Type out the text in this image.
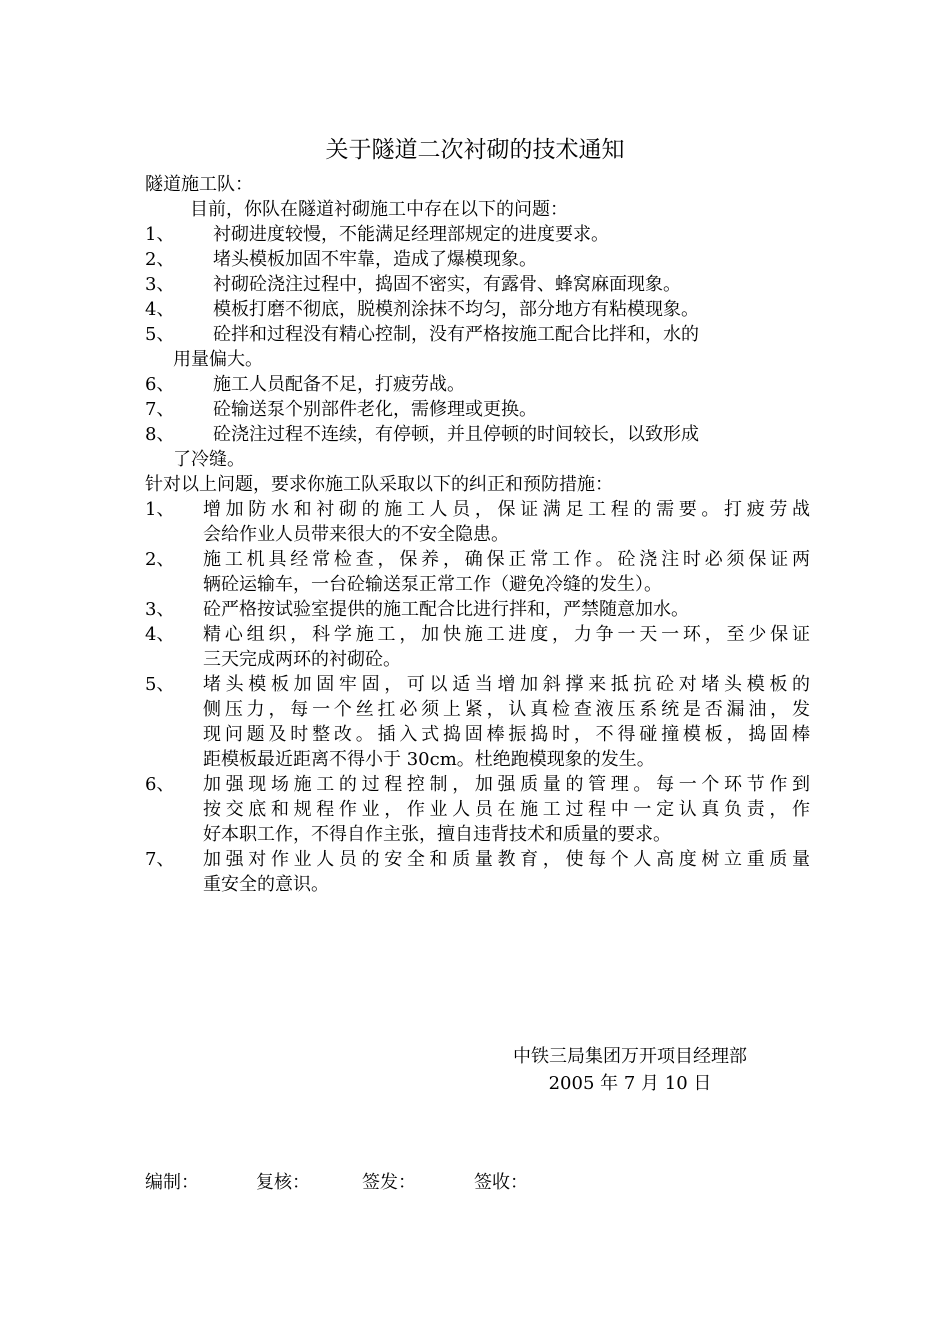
关于隧道二次衬砌的技术通知
隧道施工队：
目前，你队在隧道衬砌施工中存在以下的问题：
1、	衬砌进度较慢，不能满足经理部规定的进度要求。
2、	堵头模板加固不牢靠，造成了爆模现象。
3、	衬砌砼浇注过程中，捣固不密实，有露骨、蜂窝麻面现象。
4、	模板打磨不彻底，脱模剂涂抹不均匀，部分地方有粘模现象。
5、	砼拌和过程没有精心控制，没有严格按施工配合比拌和，水的
用量偏大。
6、	施工人员配备不足，打疲劳战。
7、	砼输送泵个别部件老化，需修理或更换。
8、	砼浇注过程不连续，有停顿，并且停顿的时间较长，以致形成
了冷缝。
针对以上问题，要求你施工队采取以下的纠正和预防措施：
1、	增加防水和衬砌的施工人员，保证满足工程的需要。打疲劳战
会给作业人员带来很大的不安全隐患。
2、	施工机具经常检查，保养，确保正常工作。砼浇注时必须保证两
辆砼运输车，一台砼输送泵正常工作（避免冷缝的发生）。
3、	砼严格按试验室提供的施工配合比进行拌和，严禁随意加水。
4、	精心组织，科学施工，加快施工进度，力争一天一环，至少保证
三天完成两环的衬砌砼。
5、	堵头模板加固牢固，可以适当增加斜撑来抵抗砼对堵头模板的
侧压力，每一个丝扛必须上紧，认真检查液压系统是否漏油，发
现问题及时整改。插入式捣固棒振捣时，不得碰撞模板，捣固棒
距模板最近距离不得小于 30cm。杜绝跑模现象的发生。
6、	加强现场施工的过程控制，加强质量的管理。每一个环节作到
按交底和规程作业，作业人员在施工过程中一定认真负责，作
好本职工作，不得自作主张，擅自违背技术和质量的要求。
7、	加强对作业人员的安全和质量教育，使每个人高度树立重质量
重安全的意识。
中铁三局集团万开项目经理部
2005 年 7 月 10 日
编制：	复核：	签发：	签收：
